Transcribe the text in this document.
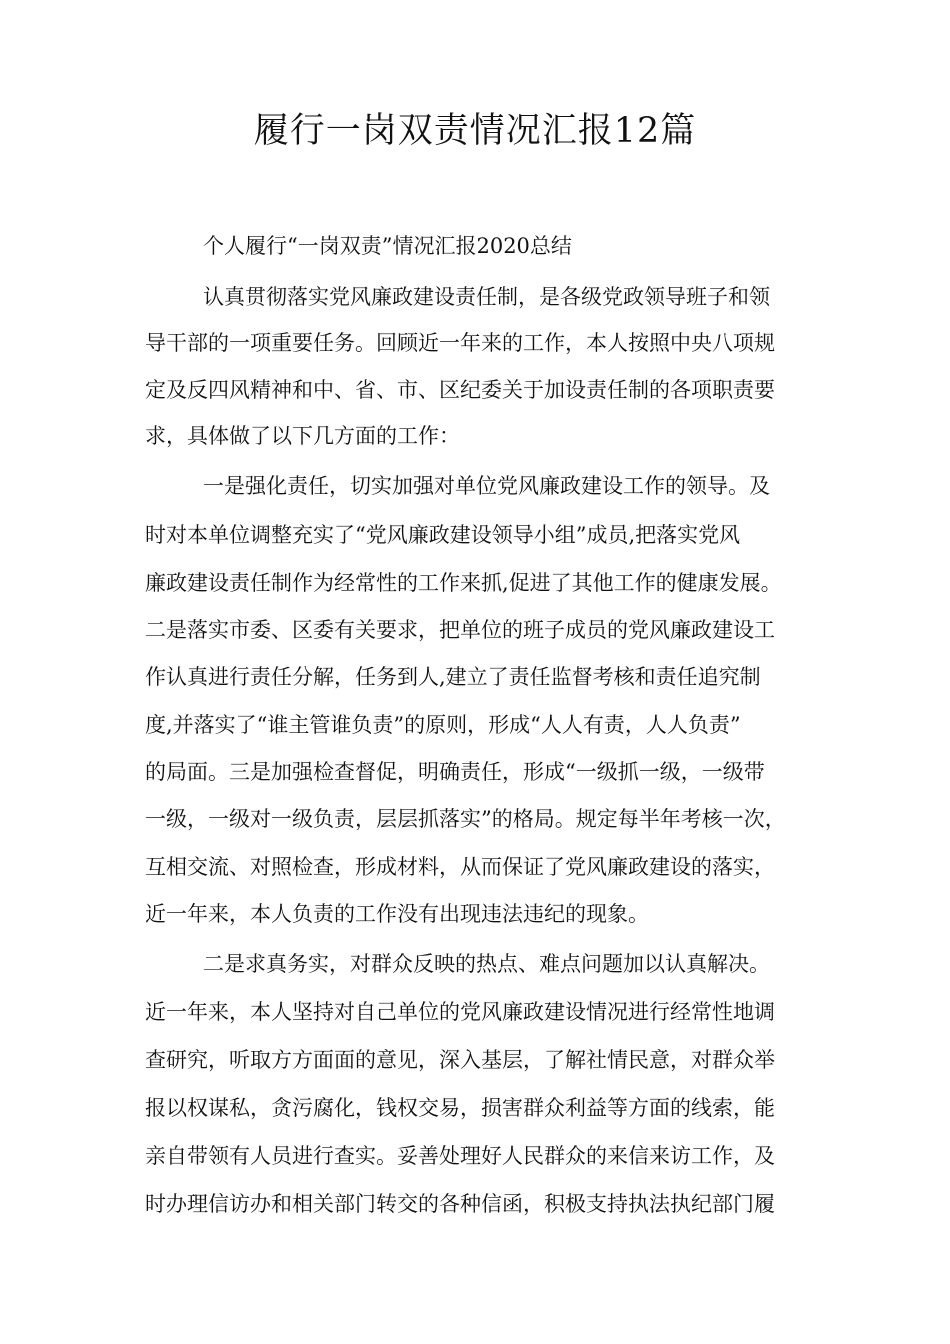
履行一岗双责情况汇报12篇
个人履行“一岗双责”情况汇报2020总结
认真贯彻落实党风廉政建设责任制，是各级党政领导班子和领
导干部的一项重要任务。回顾近一年来的工作，本人按照中央八项规
定及反四风精神和中、省、市、区纪委关于加设责任制的各项职责要
求，具体做了以下几方面的工作：
一是强化责任，切实加强对单位党风廉政建设工作的领导。及
时对本单位调整充实了“党风廉政建设领导小组”成员,把落实党风
廉政建设责任制作为经常性的工作来抓,促进了其他工作的健康发展。
二是落实市委、区委有关要求，把单位的班子成员的党风廉政建设工
作认真进行责任分解，任务到人,建立了责任监督考核和责任追究制
度,并落实了“谁主管谁负责”的原则，形成“人人有责，人人负责”
的局面。三是加强检查督促，明确责任，形成“一级抓一级，一级带
一级，一级对一级负责，层层抓落实”的格局。规定每半年考核一次，
互相交流、对照检查，形成材料，从而保证了党风廉政建设的落实，
近一年来，本人负责的工作没有出现违法违纪的现象。
二是求真务实，对群众反映的热点、难点问题加以认真解决。
近一年来，本人坚持对自己单位的党风廉政建设情况进行经常性地调
查研究，听取方方面面的意见，深入基层，了解社情民意，对群众举
报以权谋私，贪污腐化，钱权交易，损害群众利益等方面的线索，能
亲自带领有人员进行查实。妥善处理好人民群众的来信来访工作，及
时办理信访办和相关部门转交的各种信函，积极支持执法执纪部门履
